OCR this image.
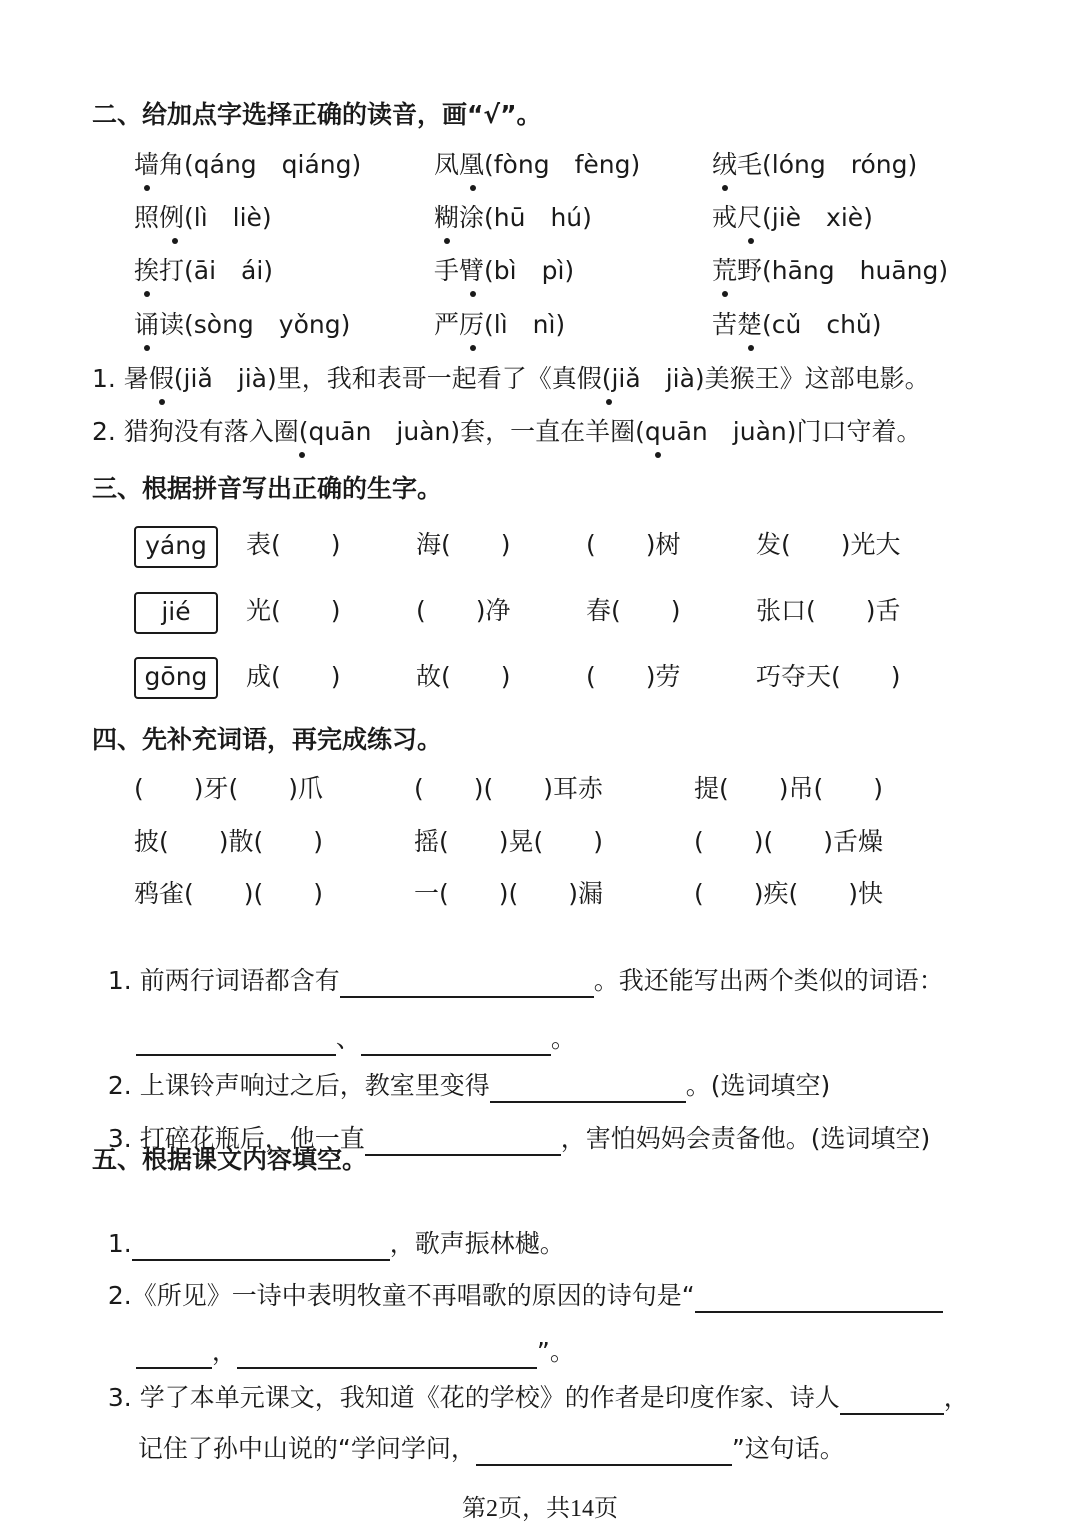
二、给加点字选择正确的读音，画“√”。
墙角(qáng　qiáng)	凤凰(fòng　fèng)	绒毛(lóng　róng)
照例(lì　liè)	糊涂(hū　hú)	戒尺(jiè　xiè)
挨打(āi　ái)	手臂(bì　pì)	荒野(hāng　huāng)
诵读(sòng　yǒng)	严厉(lì　nì)	苦楚(cǔ　chǔ)
1. 暑假(jiǎ　jià)里，我和表哥一起看了《真假(jiǎ　jià)美猴王》这部电影。
2. 猎狗没有落入圈(quān　juàn)套，一直在羊圈(quān　juàn)门口守着。
三、根据拼音写出正确的生字。
yáng	表(　　)	海(　　)	(　　)树	发(　　)光大
jié	光(　　)	(　　)净	春(　　)	张口(　　)舌
gōng	成(　　)	故(　　)	(　　)劳	巧夺天(　　)
四、先补充词语，再完成练习。
(　　)牙(　　)爪	(　　)(　　)耳赤	提(　　)吊(　　)
披(　　)散(　　)	摇(　　)晃(　　)	(　　)(　　)舌燥
鸦雀(　　)(　　)	一(　　)(　　)漏	(　　)疾(　　)快

1. 前两行词语都含有	。我还能写出两个类似的词语：

、	。

2. 上课铃声响过之后，教室里变得	。(选词填空)

3. 打碎花瓶后，他一直	，害怕妈妈会责备他。(选词填空)

五、根据课文内容填空。

1.	，歌声振林樾。

2.《所见》一诗中表明牧童不再唱歌的原因的诗句是“

，	”。

3. 学了本单元课文，我知道《花的学校》的作者是印度作家、诗人	，

记住了孙中山说的“学问学问，	”这句话。

第2页，共14页
